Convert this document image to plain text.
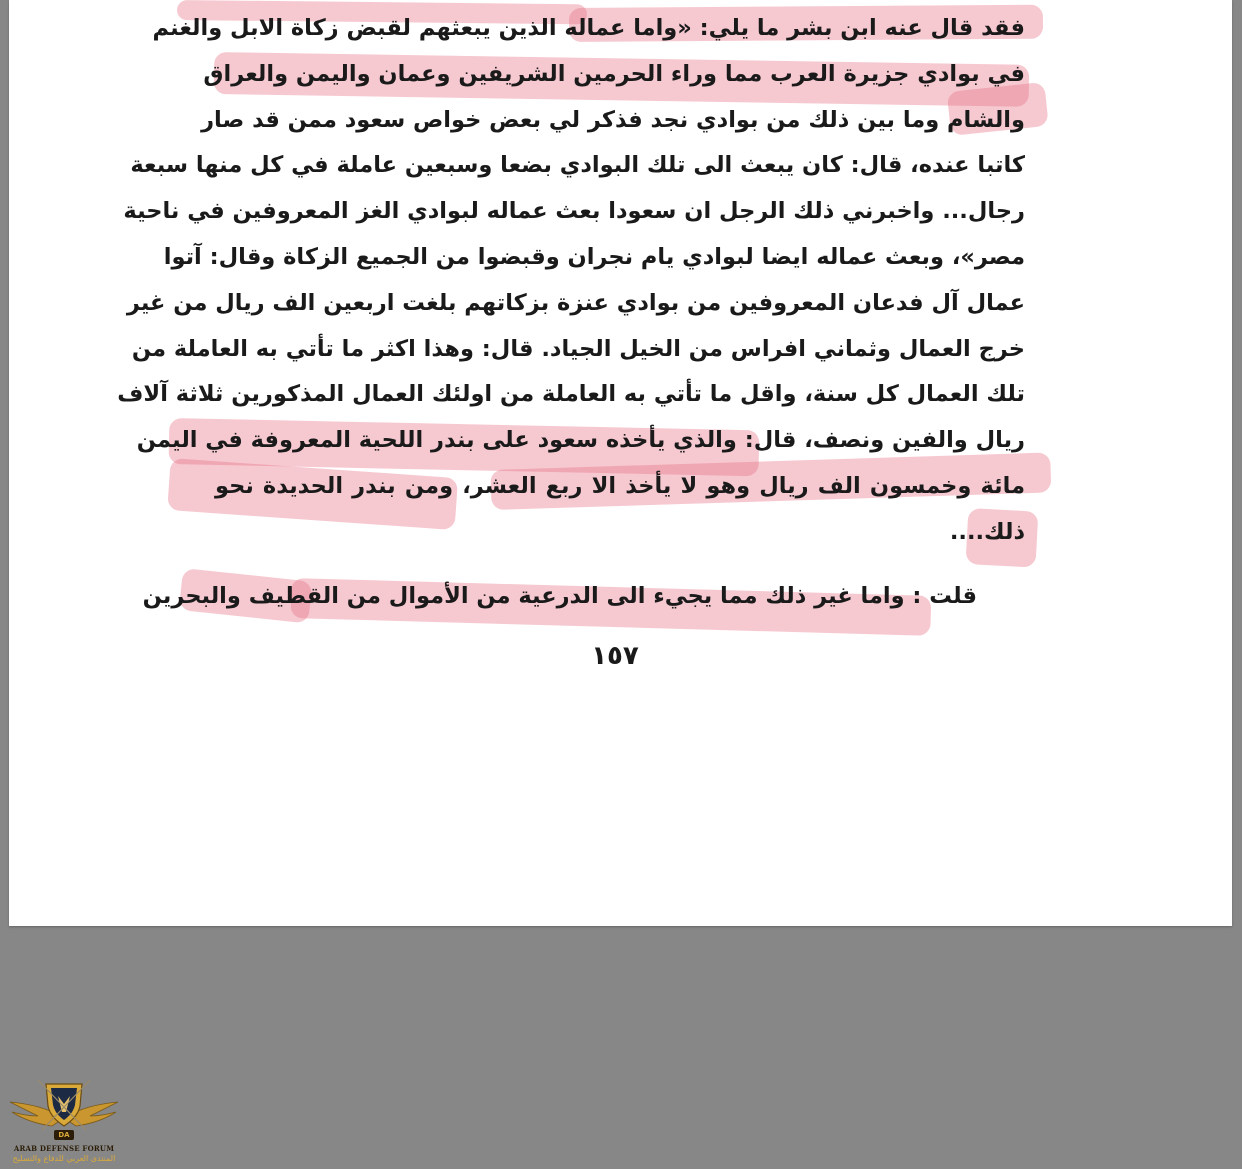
فقد قال عنه ابن بشر ما يلي: «واما عماله الذين يبعثهم لقبض زكاة الابل والغنم
في بوادي جزيرة العرب مما وراء الحرمين الشريفين وعمان واليمن والعراق
والشام وما بين ذلك من بوادي نجد فذكر لي بعض خواص سعود ممن قد صار
كاتبا عنده، قال: كان يبعث الى تلك البوادي بضعا وسبعين عاملة في كل منها سبعة
رجال... واخبرني ذلك الرجل ان سعودا بعث عماله لبوادي الغز المعروفين في ناحية
مصر»، وبعث عماله ايضا لبوادي يام نجران وقبضوا من الجميع الزكاة وقال: آتوا
عمال آل فدعان المعروفين من بوادي عنزة بزكاتهم بلغت اربعين الف ريال من غير
خرج العمال وثماني افراس من الخيل الجياد. قال: وهذا اكثر ما تأتي به العاملة من
تلك العمال كل سنة، واقل ما تأتي به العاملة من اولئك العمال المذكورين ثلاثة آلاف
ريال والفين ونصف، قال: والذي يأخذه سعود على بندر اللحية المعروفة في اليمن
مائة وخمسون الف ريال وهو لا يأخذ الا ربع العشر، ومن بندر الحديدة نحو
ذلك....
قلت : واما غير ذلك مما يجيء الى الدرعية من الأموال من القطيف والبحرين
١٥٧
DA
ARAB DEFENSE FORUM
المنتدى العربي للدفاع والتسليح
